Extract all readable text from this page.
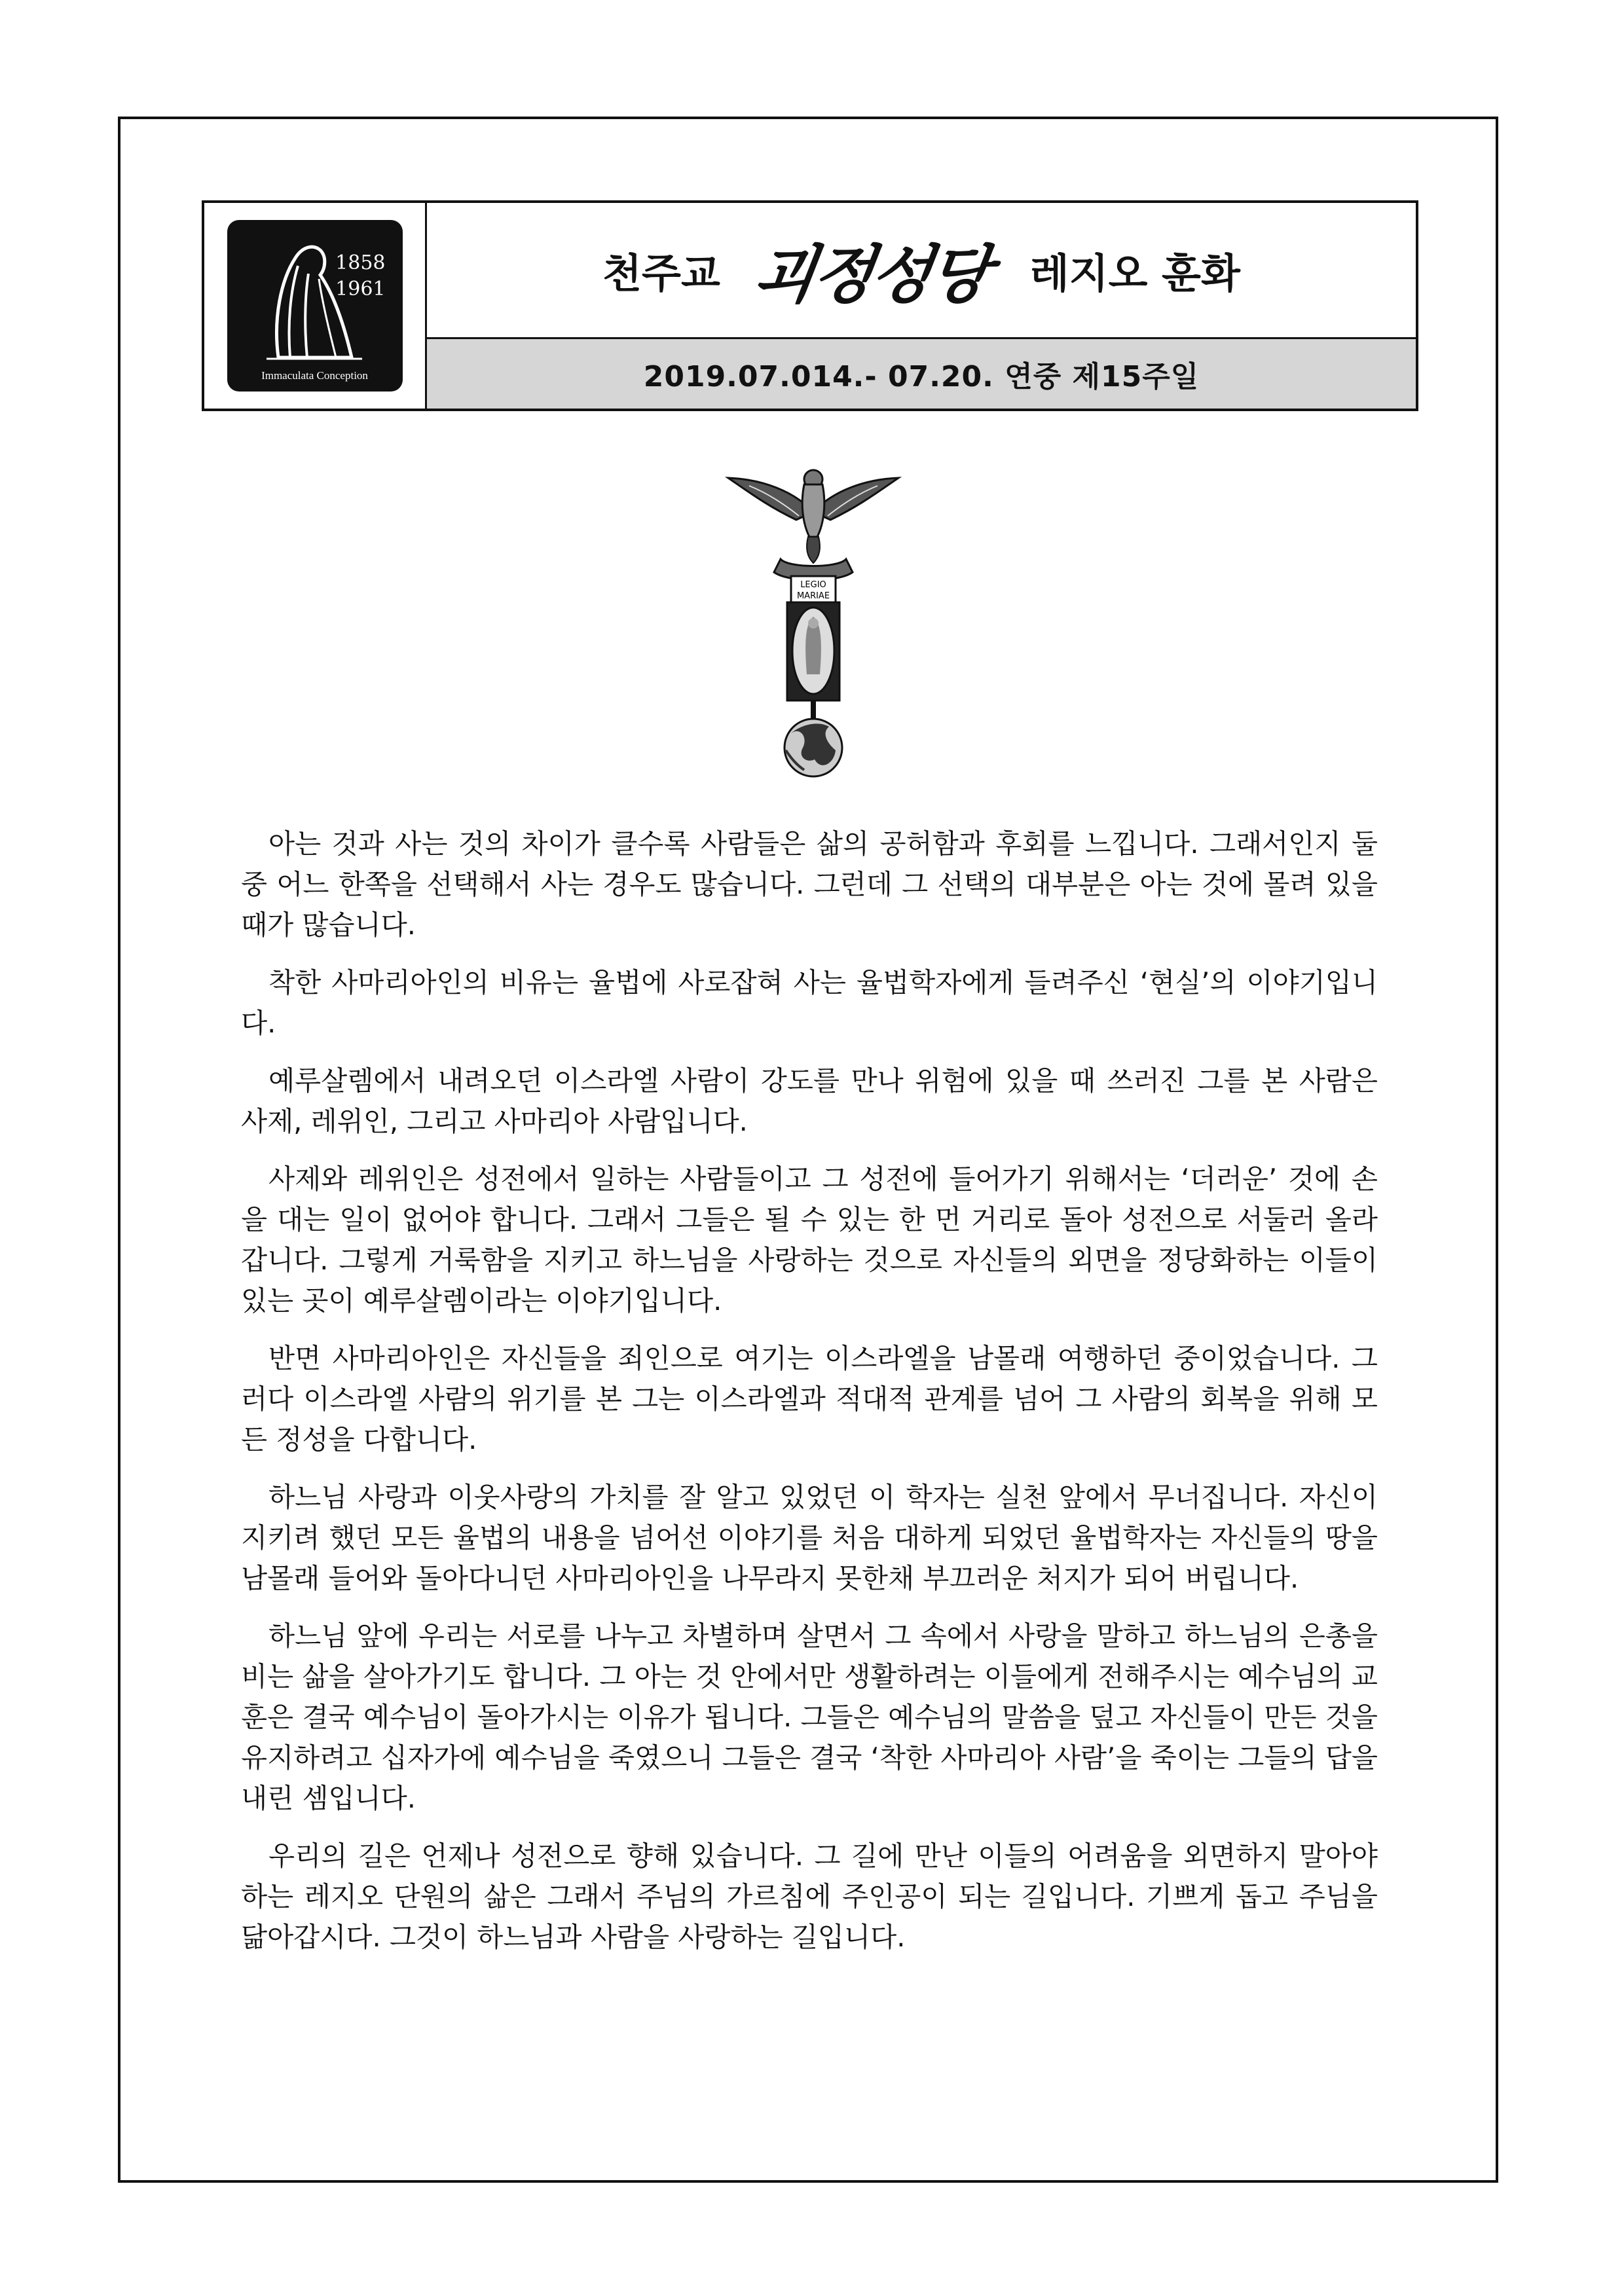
1858
1961
Immaculata Conception
천주교 괴정성당 레지오 훈화
2019.07.014.- 07.20. 연중 제15주일
LEGIO
MARIAE

아는 것과 사는 것의 차이가 클수록 사람들은 삶의 공허함과 후회를 느낍니다. 그래서인지 둘 중 어느 한쪽을 선택해서 사는 경우도 많습니다. 그런데 그 선택의 대부분은 아는 것에 몰려 있을 때가 많습니다.

착한 사마리아인의 비유는 율법에 사로잡혀 사는 율법학자에게 들려주신 ‘현실’의 이야기입니다.

예루살렘에서 내려오던 이스라엘 사람이 강도를 만나 위험에 있을 때 쓰러진 그를 본 사람은 사제, 레위인, 그리고 사마리아 사람입니다.

사제와 레위인은 성전에서 일하는 사람들이고 그 성전에 들어가기 위해서는 ‘더러운’ 것에 손을 대는 일이 없어야 합니다. 그래서 그들은 될 수 있는 한 먼 거리로 돌아 성전으로 서둘러 올라갑니다. 그렇게 거룩함을 지키고 하느님을 사랑하는 것으로 자신들의 외면을 정당화하는 이들이 있는 곳이 예루살렘이라는 이야기입니다.

반면 사마리아인은 자신들을 죄인으로 여기는 이스라엘을 남몰래 여행하던 중이었습니다. 그러다 이스라엘 사람의 위기를 본 그는 이스라엘과 적대적 관계를 넘어 그 사람의 회복을 위해 모든 정성을 다합니다.

하느님 사랑과 이웃사랑의 가치를 잘 알고 있었던 이 학자는 실천 앞에서 무너집니다. 자신이 지키려 했던 모든 율법의 내용을 넘어선 이야기를 처음 대하게 되었던 율법학자는 자신들의 땅을 남몰래 들어와 돌아다니던 사마리아인을 나무라지 못한채 부끄러운 처지가 되어 버립니다.

하느님 앞에 우리는 서로를 나누고 차별하며 살면서 그 속에서 사랑을 말하고 하느님의 은총을 비는 삶을 살아가기도 합니다. 그 아는 것 안에서만 생활하려는 이들에게 전해주시는 예수님의 교훈은 결국 예수님이 돌아가시는 이유가 됩니다. 그들은 예수님의 말씀을 덮고 자신들이 만든 것을 유지하려고 십자가에 예수님을 죽였으니 그들은 결국 ‘착한 사마리아 사람’을 죽이는 그들의 답을 내린 셈입니다.

우리의 길은 언제나 성전으로 향해 있습니다. 그 길에 만난 이들의 어려움을 외면하지 말아야 하는 레지오 단원의 삶은 그래서 주님의 가르침에 주인공이 되는 길입니다. 기쁘게 돕고 주님을 닮아갑시다. 그것이 하느님과 사람을 사랑하는 길입니다.
